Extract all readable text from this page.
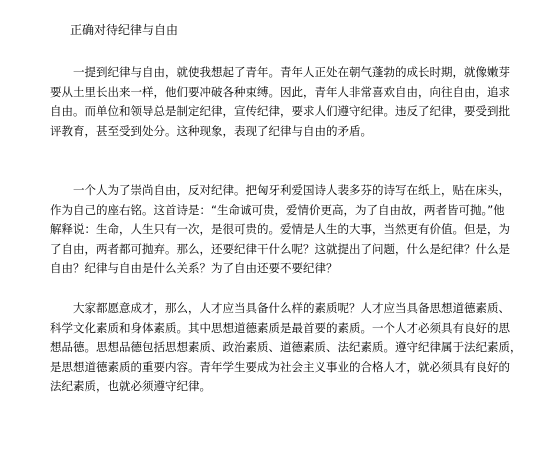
正确对待纪律与自由
一提到纪律与自由，就使我想起了青年。青年人正处在朝气蓬勃的成长时期，就像嫩芽
要从土里长出来一样，他们要冲破各种束缚。因此，青年人非常喜欢自由，向往自由，追求
自由。而单位和领导总是制定纪律，宣传纪律，要求人们遵守纪律。违反了纪律，要受到批
评教育，甚至受到处分。这种现象，表现了纪律与自由的矛盾。
一个人为了崇尚自由，反对纪律。把匈牙利爱国诗人裴多芬的诗写在纸上，贴在床头，
作为自己的座右铭。这首诗是：“生命诚可贵，爱情价更高，为了自由故，两者皆可抛。”他
解释说：生命，人生只有一次，是很可贵的。爱情是人生的大事，当然更有价值。但是，为
了自由，两者都可抛弃。那么，还要纪律干什么呢？这就提出了问题，什么是纪律？什么是
自由？纪律与自由是什么关系？为了自由还要不要纪律？
大家都愿意成才，那么，人才应当具备什么样的素质呢？人才应当具备思想道德素质、
科学文化素质和身体素质。其中思想道德素质是最首要的素质。一个人才必须具有良好的思
想品德。思想品德包括思想素质、政治素质、道德素质、法纪素质。遵守纪律属于法纪素质，
是思想道德素质的重要内容。青年学生要成为社会主义事业的合格人才，就必须具有良好的
法纪素质，也就必须遵守纪律。
